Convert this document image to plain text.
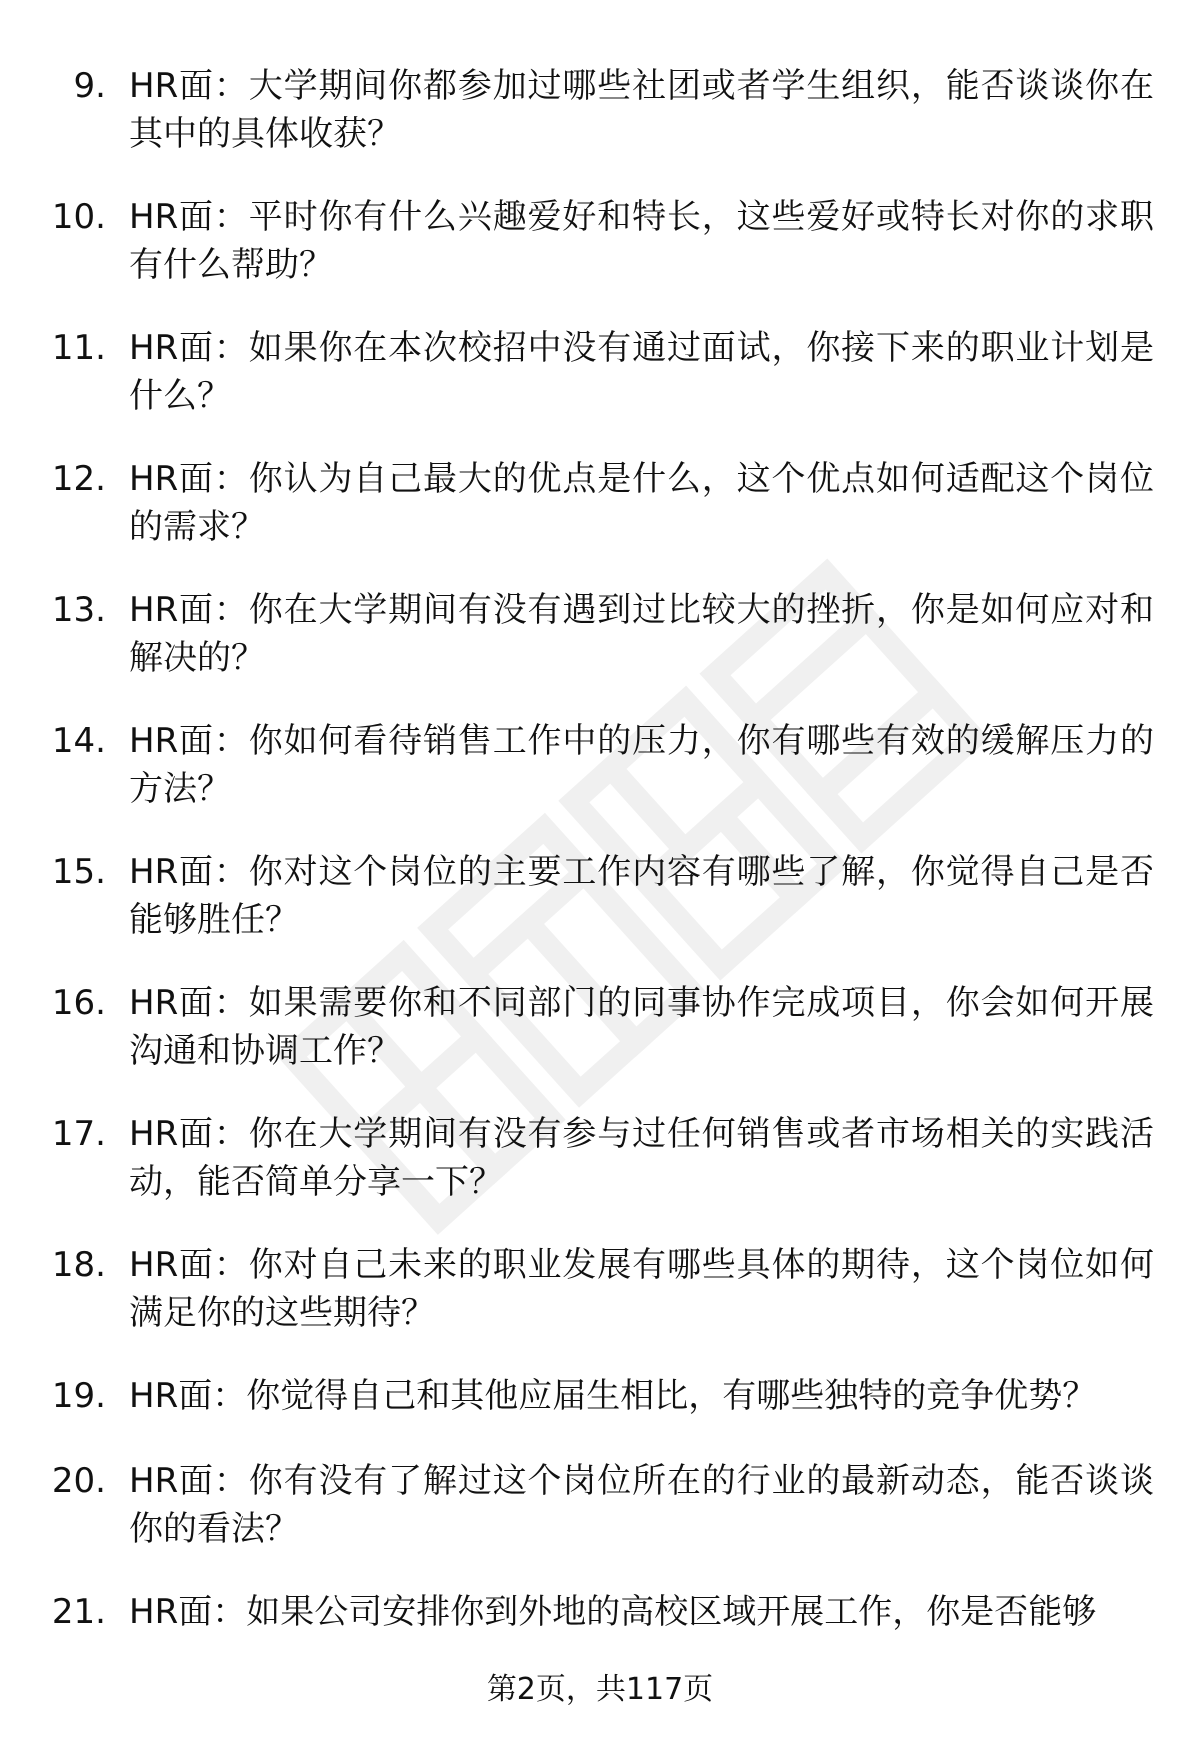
9. HR面：大学期间你都参加过哪些社团或者学生组织，能否谈谈你在其中的具体收获？
10. HR面：平时你有什么兴趣爱好和特长，这些爱好或特长对你的求职有什么帮助？
11. HR面：如果你在本次校招中没有通过面试，你接下来的职业计划是什么？
12. HR面：你认为自己最大的优点是什么，这个优点如何适配这个岗位的需求？
13. HR面：你在大学期间有没有遇到过比较大的挫折，你是如何应对和解决的？
14. HR面：你如何看待销售工作中的压力，你有哪些有效的缓解压力的方法？
15. HR面：你对这个岗位的主要工作内容有哪些了解，你觉得自己是否能够胜任？
16. HR面：如果需要你和不同部门的同事协作完成项目，你会如何开展沟通和协调工作？
17. HR面：你在大学期间有没有参与过任何销售或者市场相关的实践活动，能否简单分享一下？
18. HR面：你对自己未来的职业发展有哪些具体的期待，这个岗位如何满足你的这些期待？
19. HR面：你觉得自己和其他应届生相比，有哪些独特的竞争优势？
20. HR面：你有没有了解过这个岗位所在的行业的最新动态，能否谈谈你的看法？
21. HR面：如果公司安排你到外地的高校区域开展工作，你是否能够
第2页，共117页
